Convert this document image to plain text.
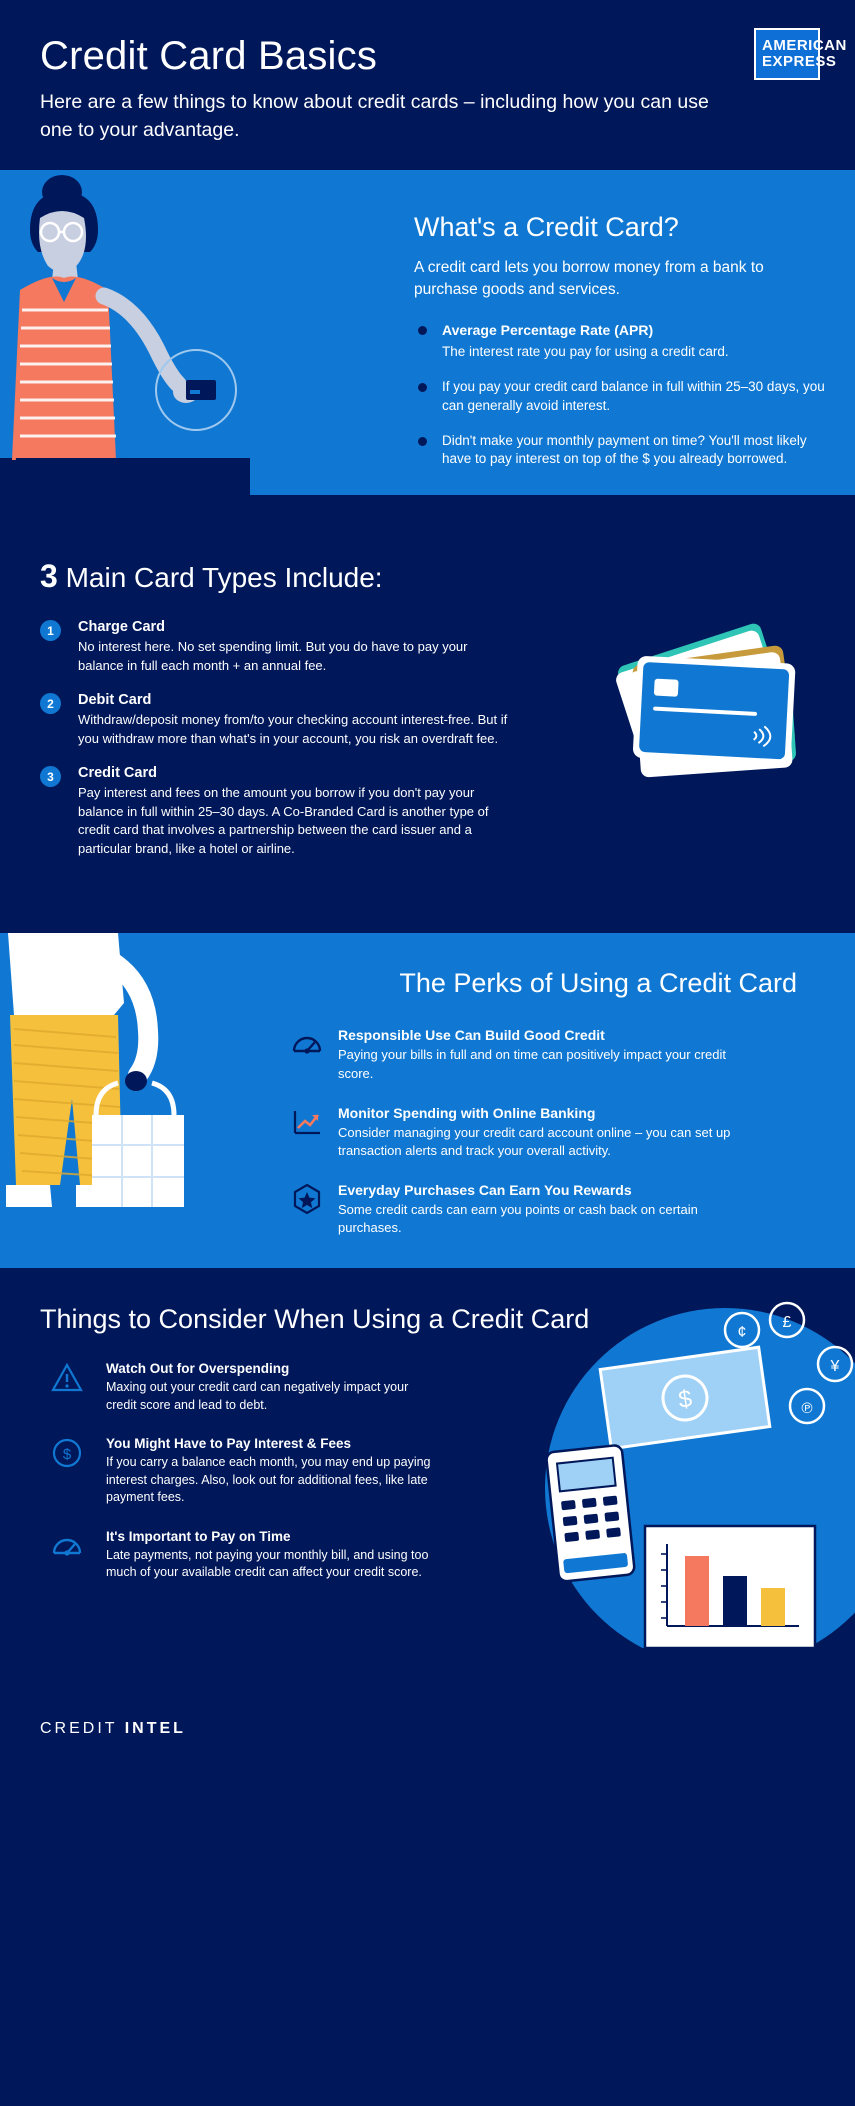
Credit Card Basics

Here are a few things to know about credit cards – including how you can use one to your advantage.

AMERICAN
EXPRESS
What's a Credit Card?

A credit card lets you borrow money from a bank to purchase goods and services.

Average Percentage Rate (APR)
The interest rate you pay for using a credit card.
If you pay your credit card balance in full within 25–30 days, you can generally avoid interest.
Didn't make your monthly payment on time? You'll most likely have to pay interest on top of the $ you already borrowed.
3 Main Card Types Include:
1	Charge Card

No interest here. No set spending limit. But you do have to pay your balance in full each month + an annual fee.

2	Debit Card

Withdraw/deposit money from/to your checking account interest-free. But if you withdraw more than what's in your account, you risk an overdraft fee.

3	Credit Card

Pay interest and fees on the amount you borrow if you don't pay your balance in full within 25–30 days. A Co-Branded Card is another type of credit card that involves a partnership between the card issuer and a particular brand, like a hotel or airline.

The Perks of Using a Credit Card
Responsible Use Can Build Good Credit

Paying your bills in full and on time can positively impact your credit score.

Monitor Spending with Online Banking

Consider managing your credit card account online – you can set up transaction alerts and track your overall activity.

Everyday Purchases Can Earn You Rewards

Some credit cards can earn you points or cash back on certain purchases.

Things to Consider When Using a Credit Card
Watch Out for Overspending

Maxing out your credit card can negatively impact your credit score and lead to debt.

$
You Might Have to Pay Interest & Fees

If you carry a balance each month, you may end up paying interest charges. Also, look out for additional fees, like late payment fees.

It's Important to Pay on Time

Late payments, not paying your monthly bill, and using too much of your available credit can affect your credit score.

$
¢
£
¥
℗
CREDIT INTEL
